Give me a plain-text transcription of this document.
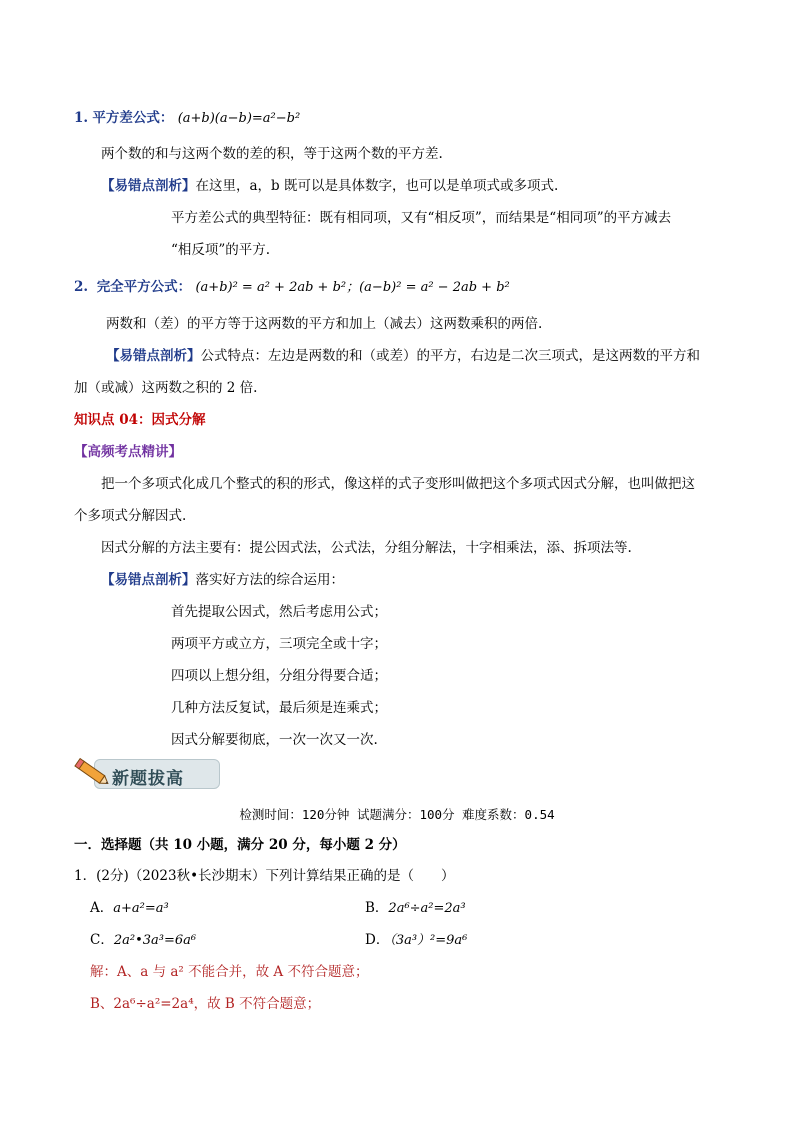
1. 平方差公式： (a+b)(a−b)=a²−b²
两个数的和与这两个数的差的积，等于这两个数的平方差.
【易错点剖析】在这里，a，b 既可以是具体数字，也可以是单项式或多项式.
平方差公式的典型特征：既有相同项，又有“相反项”，而结果是“相同项”的平方减去
“相反项”的平方.
2. 完全平方公式： (a+b)² = a² + 2ab + b²；(a−b)² = a² − 2ab + b²
两数和（差）的平方等于这两数的平方和加上（减去）这两数乘积的两倍.
【易错点剖析】公式特点：左边是两数的和（或差）的平方，右边是二次三项式，是这两数的平方和
加（或减）这两数之积的 2 倍.
知识点 04：因式分解
【高频考点精讲】
把一个多项式化成几个整式的积的形式，像这样的式子变形叫做把这个多项式因式分解，也叫做把这
个多项式分解因式.
因式分解的方法主要有：提公因式法，公式法，分组分解法，十字相乘法，添、拆项法等.
【易错点剖析】落实好方法的综合运用：
首先提取公因式，然后考虑用公式；
两项平方或立方，三项完全或十字；
四项以上想分组，分组分得要合适；
几种方法反复试，最后须是连乘式；
因式分解要彻底，一次一次又一次.
新题拔高
检测时间：120分钟 试题满分：100分 难度系数：0.54
一．选择题（共 10 小题，满分 20 分，每小题 2 分）
1．(2分)（2023秋•长沙期末）下列计算结果正确的是（　　）
A．a+a²=a³	B．2a⁶÷a²=2a³
C．2a²•3a³=6a⁶	D．（3a³）²=9a⁶
解：A、a 与 a² 不能合并，故 A 不符合题意；
B、2a⁶÷a²=2a⁴，故 B 不符合题意；
